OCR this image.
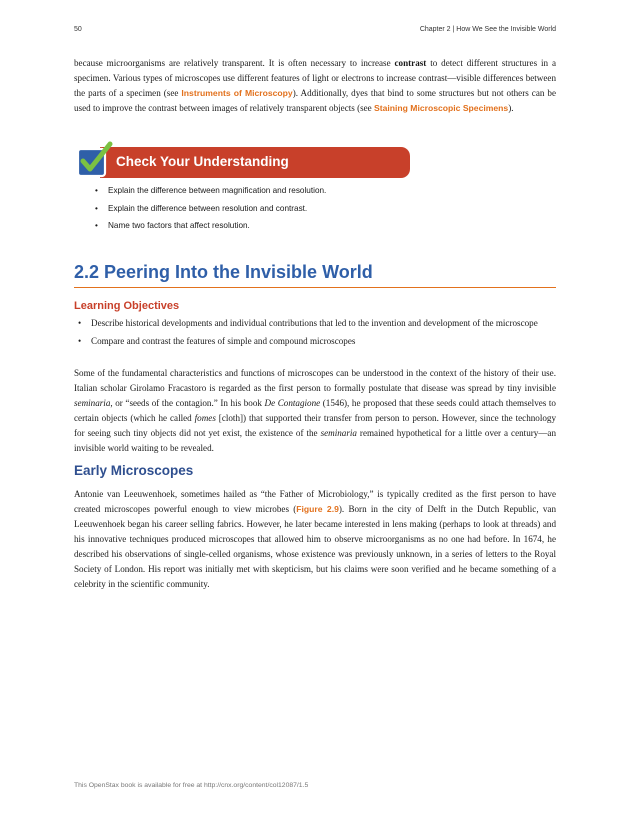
50	Chapter 2 | How We See the Invisible World

because microorganisms are relatively transparent. It is often necessary to increase contrast to detect different structures in a specimen. Various types of microscopes use different features of light or electrons to increase contrast—visible differences between the parts of a specimen (see Instruments of Microscopy). Additionally, dyes that bind to some structures but not others can be used to improve the contrast between images of relatively transparent objects (see Staining Microscopic Specimens).

Check Your Understanding
• Explain the difference between magnification and resolution.
• Explain the difference between resolution and contrast.
• Name two factors that affect resolution.
2.2 Peering Into the Invisible World
Learning Objectives
• Describe historical developments and individual contributions that led to the invention and development of the microscope
• Compare and contrast the features of simple and compound microscopes

Some of the fundamental characteristics and functions of microscopes can be understood in the context of the history of their use. Italian scholar Girolamo Fracastoro is regarded as the first person to formally postulate that disease was spread by tiny invisible seminaria, or “seeds of the contagion.” In his book De Contagione (1546), he proposed that these seeds could attach themselves to certain objects (which he called fomes [cloth]) that supported their transfer from person to person. However, since the technology for seeing such tiny objects did not yet exist, the existence of the seminaria remained hypothetical for a little over a century—an invisible world waiting to be revealed.

Early Microscopes

Antonie van Leeuwenhoek, sometimes hailed as “the Father of Microbiology,” is typically credited as the first person to have created microscopes powerful enough to view microbes (Figure 2.9). Born in the city of Delft in the Dutch Republic, van Leeuwenhoek began his career selling fabrics. However, he later became interested in lens making (perhaps to look at threads) and his innovative techniques produced microscopes that allowed him to observe microorganisms as no one had before. In 1674, he described his observations of single-celled organisms, whose existence was previously unknown, in a series of letters to the Royal Society of London. His report was initially met with skepticism, but his claims were soon verified and he became something of a celebrity in the scientific community.

This OpenStax book is available for free at http://cnx.org/content/col12087/1.5
